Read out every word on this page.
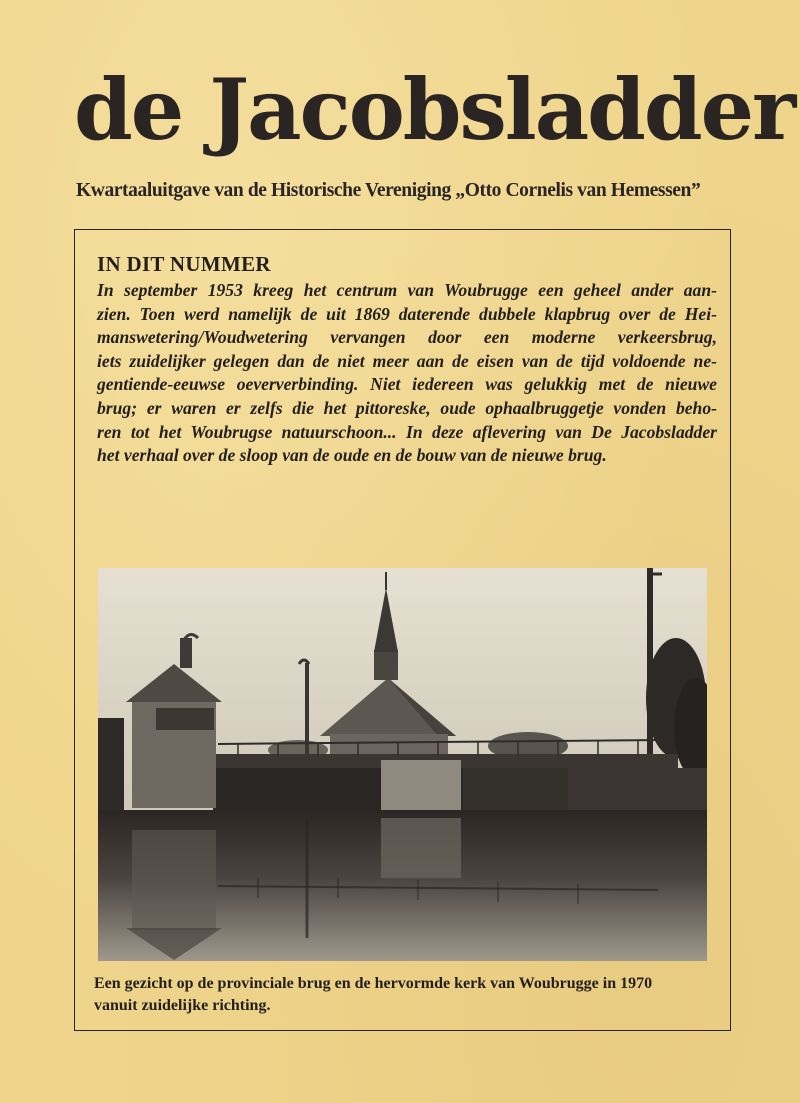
de Jacobsladder
Kwartaaluitgave van de Historische Vereniging „Otto Cornelis van Hemessen”
IN DIT NUMMER
In september 1953 kreeg het centrum van Woubrugge een geheel ander aan-
zien. Toen werd namelijk de uit 1869 daterende dubbele klapbrug over de Hei-
manswetering/Woudwetering vervangen door een moderne verkeersbrug,
iets zuidelijker gelegen dan de niet meer aan de eisen van de tijd voldoende ne-
gentiende-eeuwse oeververbinding. Niet iedereen was gelukkig met de nieuwe
brug; er waren er zelfs die het pittoreske, oude ophaalbruggetje vonden beho-
ren tot het Woubrugse natuurschoon... In deze aflevering van De Jacobsladder
het verhaal over de sloop van de oude en de bouw van de nieuwe brug.
Een gezicht op de provinciale brug en de hervormde kerk van Woubrugge in 1970
vanuit zuidelijke richting.
